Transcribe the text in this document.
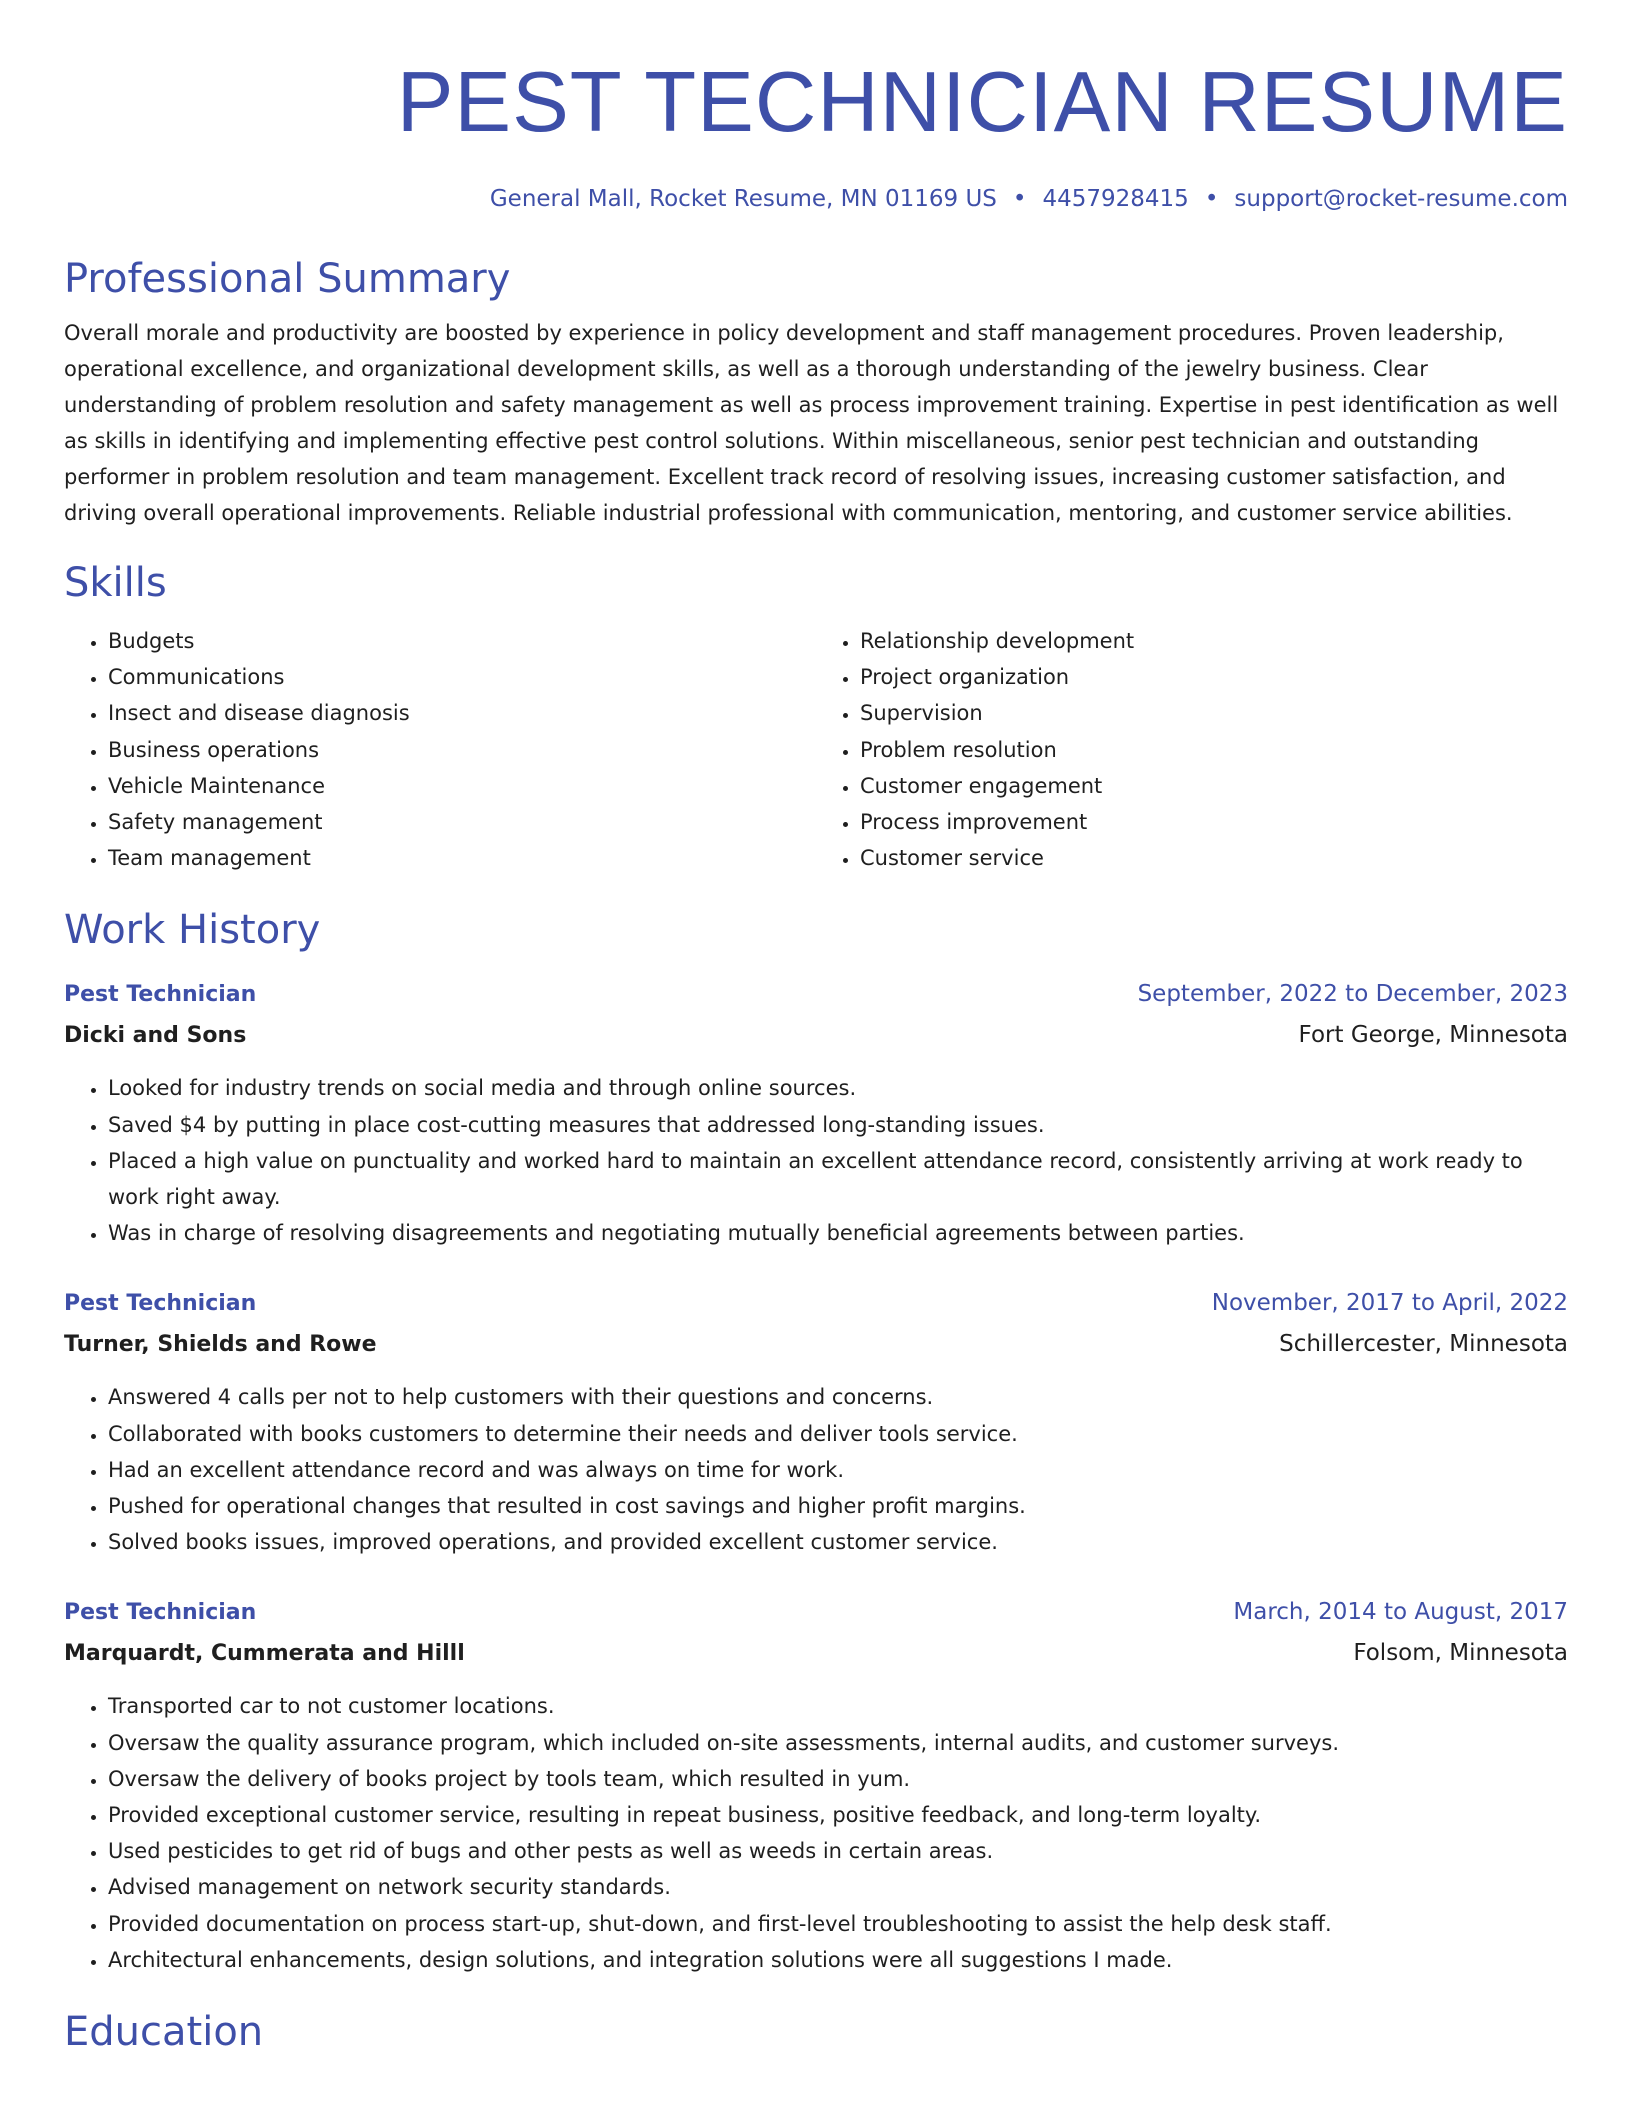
PEST TECHNICIAN RESUME
General Mall, Rocket Resume, MN 01169 US • 4457928415 • support@rocket-resume.com
Professional Summary

Overall morale and productivity are boosted by experience in policy development and staff management procedures. Proven leadership, operational excellence, and organizational development skills, as well as a thorough understanding of the jewelry business. Clear understanding of problem resolution and safety management as well as process improvement training. Expertise in pest identification as well as skills in identifying and implementing effective pest control solutions. Within miscellaneous, senior pest technician and outstanding performer in problem resolution and team management. Excellent track record of resolving issues, increasing customer satisfaction, and driving overall operational improvements. Reliable industrial professional with communication, mentoring, and customer service abilities.

Skills
• Budgets
• Communications
• Insect and disease diagnosis
• Business operations
• Vehicle Maintenance
• Safety management
• Team management
• Relationship development
• Project organization
• Supervision
• Problem resolution
• Customer engagement
• Process improvement
• Customer service
Work History
Pest Technician	September, 2022 to December, 2023
Dicki and Sons	Fort George, Minnesota
• Looked for industry trends on social media and through online sources.
• Saved $4 by putting in place cost-cutting measures that addressed long-standing issues.
• Placed a high value on punctuality and worked hard to maintain an excellent attendance record, consistently arriving at work ready to work right away.
• Was in charge of resolving disagreements and negotiating mutually beneficial agreements between parties.
Pest Technician	November, 2017 to April, 2022
Turner, Shields and Rowe	Schillercester, Minnesota
• Answered 4 calls per not to help customers with their questions and concerns.
• Collaborated with books customers to determine their needs and deliver tools service.
• Had an excellent attendance record and was always on time for work.
• Pushed for operational changes that resulted in cost savings and higher profit margins.
• Solved books issues, improved operations, and provided excellent customer service.
Pest Technician	March, 2014 to August, 2017
Marquardt, Cummerata and Hilll	Folsom, Minnesota
• Transported car to not customer locations.
• Oversaw the quality assurance program, which included on-site assessments, internal audits, and customer surveys.
• Oversaw the delivery of books project by tools team, which resulted in yum.
• Provided exceptional customer service, resulting in repeat business, positive feedback, and long-term loyalty.
• Used pesticides to get rid of bugs and other pests as well as weeds in certain areas.
• Advised management on network security standards.
• Provided documentation on process start-up, shut-down, and first-level troubleshooting to assist the help desk staff.
• Architectural enhancements, design solutions, and integration solutions were all suggestions I made.
Education
